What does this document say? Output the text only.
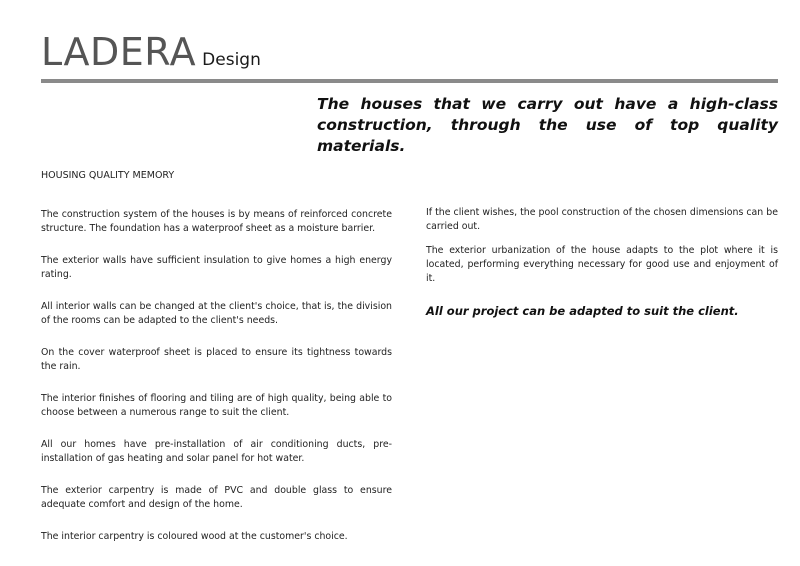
LADERA Design
The houses that we carry out have a high-class construction, through the use of top quality materials.
HOUSING QUALITY MEMORY

The construction system of the houses is by means of reinforced concrete structure. The foundation has a waterproof sheet as a moisture barrier.

The exterior walls have sufficient insulation to give homes a high energy rating.

All interior walls can be changed at the client's choice, that is, the division of the rooms can be adapted to the client's needs.

On the cover waterproof sheet is placed to ensure its tightness towards the rain.

The interior finishes of flooring and tiling are of high quality, being able to choose between a numerous range to suit the client.

All our homes have pre-installation of air conditioning ducts, pre-installation of gas heating and solar panel for hot water.

The exterior carpentry is made of PVC and double glass to ensure adequate comfort and design of the home.

The interior carpentry is coloured wood at the customer's choice.

If the client wishes, the pool construction of the chosen dimensions can be carried out.

The exterior urbanization of the house adapts to the plot where it is located, performing everything necessary for good use and enjoyment of it.

All our project can be adapted to suit the client.
